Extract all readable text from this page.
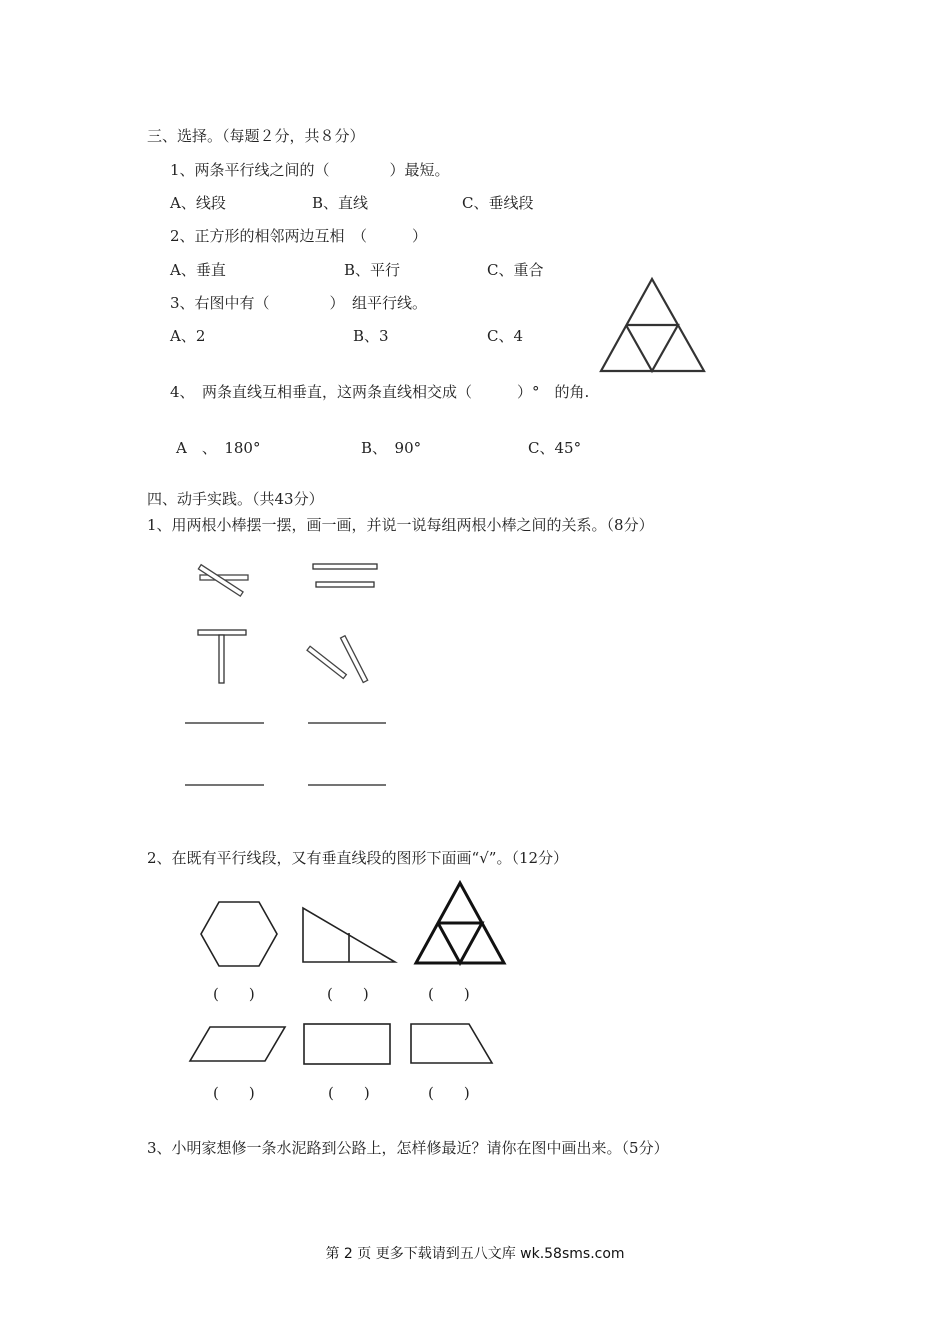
三、选择。（每题２分，共８分）
1、两条平行线之间的（　　　　）最短。
A、线段	B、直线	C、垂线段
2、正方形的相邻两边互相　（　　　）
A、垂直	B、平行	C、重合
3、右图中有（　　　　）　组平行线。
A、2	B、3	C、4
4、　两条直线互相垂直，这两条直线相交成（　　　）°　的角.
A　、　180°	B、　90°	C、45°
四、动手实践。（共43分）
1、用两根小棒摆一摆，画一画，并说一说每组两根小棒之间的关系。（8分）
2、在既有平行线段，又有垂直线段的图形下面画“√”。（12分）
(　　)	(　　)	(　　)
(　　)	(　　)	(　　)
3、小明家想修一条水泥路到公路上，怎样修最近？请你在图中画出来。（5分）
第 2 页 更多下载请到五八文库 wk.58sms.com
